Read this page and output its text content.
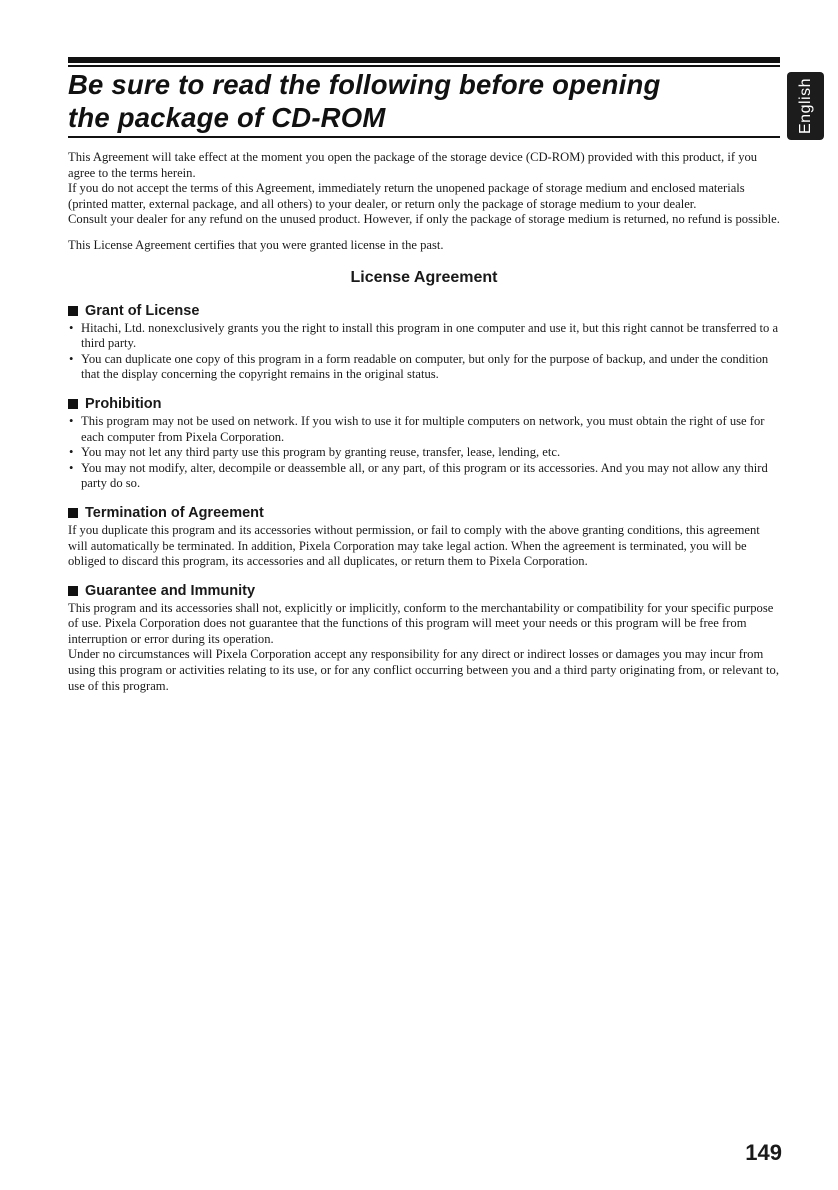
Be sure to read the following before opening
the package of CD-ROM	English

This Agreement will take effect at the moment you open the package of the storage device (CD-ROM) provided with this product, if you agree to the terms herein.

If you do not accept the terms of this Agreement, immediately return the unopened package of storage medium and enclosed materials (printed matter, external package, and all others) to your dealer, or return only the package of storage medium to your dealer.

Consult your dealer for any refund on the unused product. However, if only the package of storage medium is returned, no refund is possible.

This License Agreement certifies that you were granted license in the past.

License Agreement
Grant of License
• Hitachi, Ltd. nonexclusively grants you the right to install this program in one computer and use it, but this right cannot be transferred to a third party.
• You can duplicate one copy of this program in a form readable on computer, but only for the purpose of backup, and under the condition that the display concerning the copyright remains in the original status.
Prohibition
• This program may not be used on network. If you wish to use it for multiple computers on network, you must obtain the right of use for each computer from Pixela Corporation.
• You may not let any third party use this program by granting reuse, transfer, lease, lending, etc.
• You may not modify, alter, decompile or deassemble all, or any part, of this program or its accessories. And you may not allow any third party do so.
Termination of Agreement

If you duplicate this program and its accessories without permission, or fail to comply with the above granting conditions, this agreement will automatically be terminated. In addition, Pixela Corporation may take legal action. When the agreement is terminated, you will be obliged to discard this program, its accessories and all duplicates, or return them to Pixela Corporation.

Guarantee and Immunity

This program and its accessories shall not, explicitly or implicitly, conform to the merchantability or compatibility for your specific purpose of use. Pixela Corporation does not guarantee that the functions of this program will meet your needs or this program will be free from interruption or error during its operation.

Under no circumstances will Pixela Corporation accept any responsibility for any direct or indirect losses or damages you may incur from using this program or activities relating to its use, or for any conflict occurring between you and a third party originating from, or relevant to, use of this program.

149
